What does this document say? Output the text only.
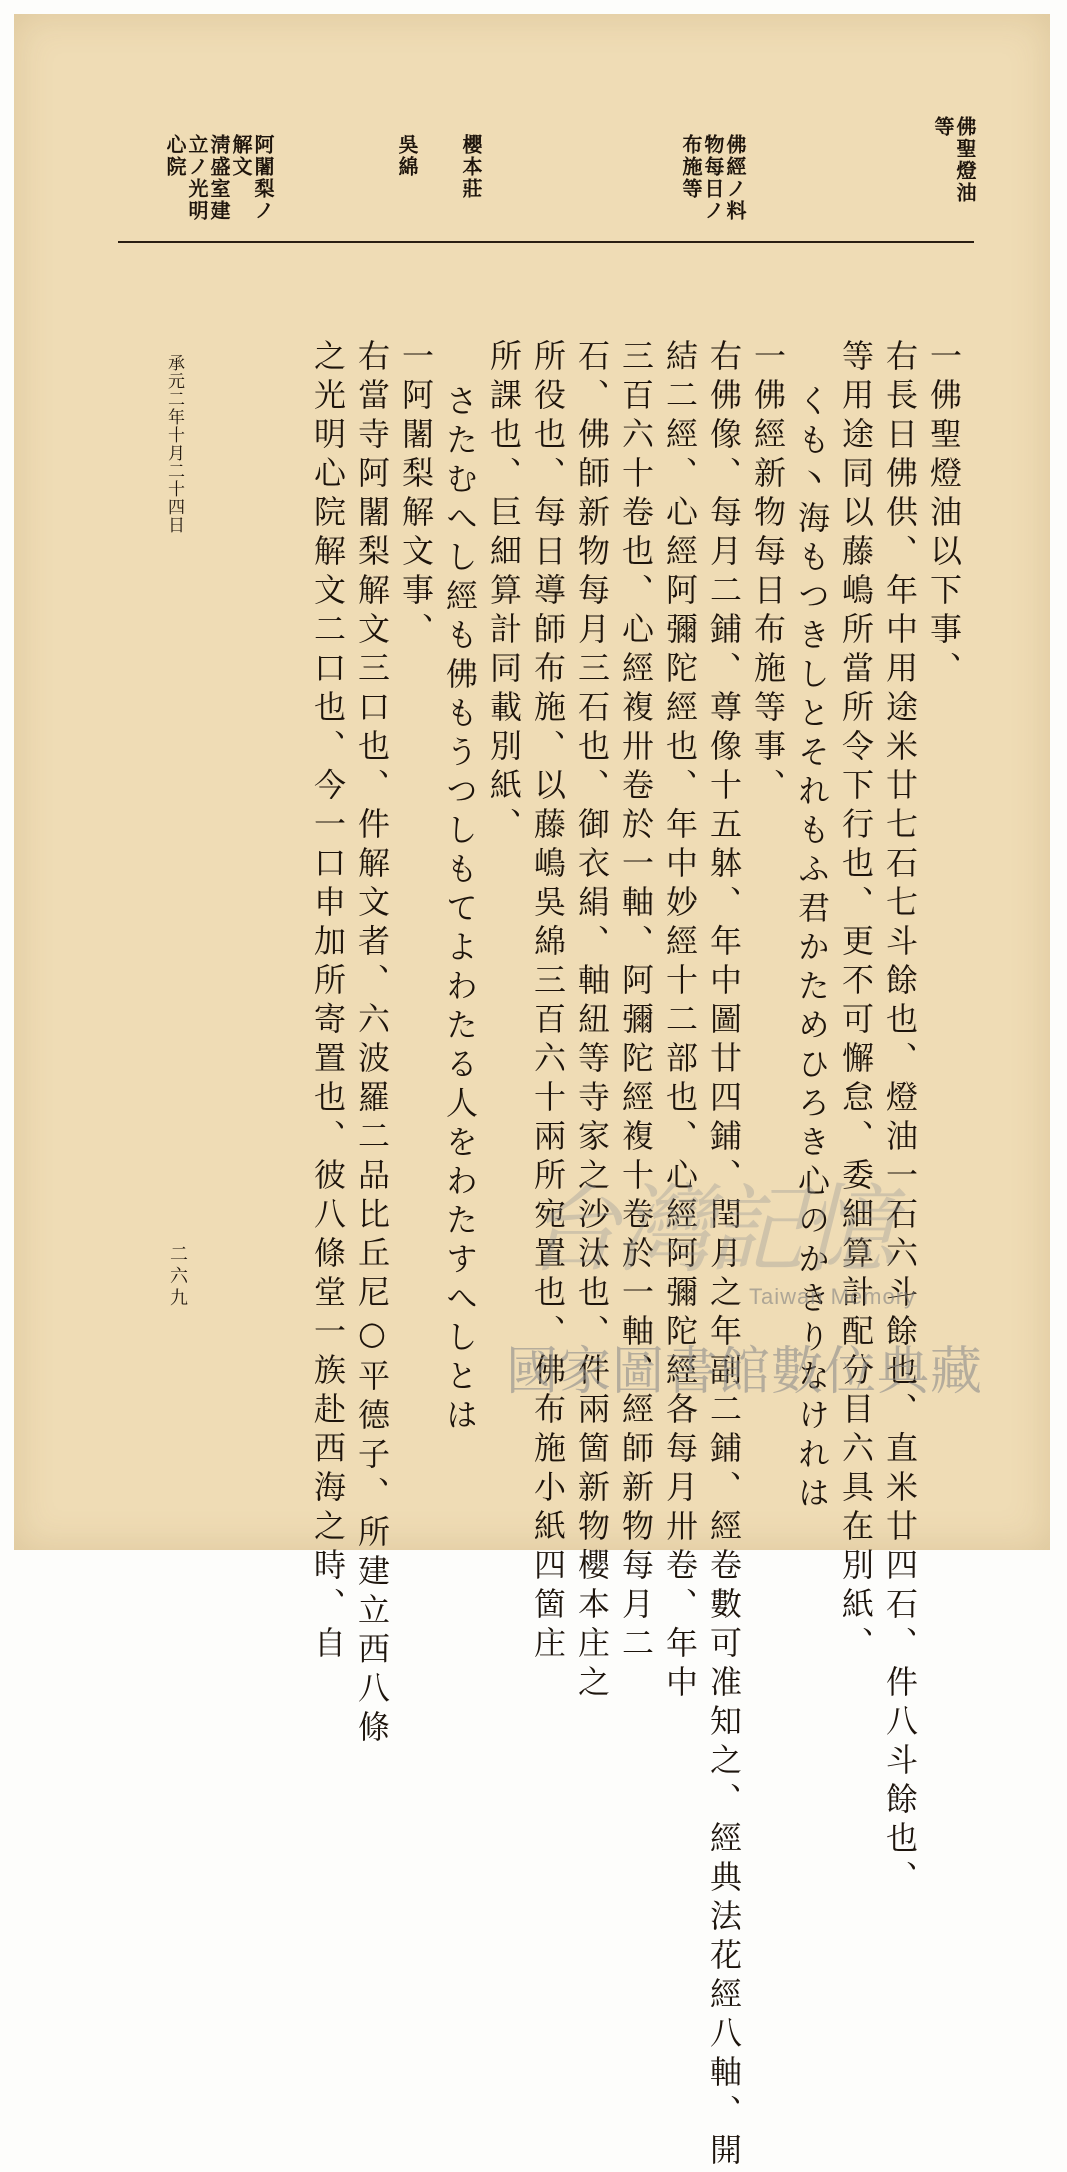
佛聖燈油
等
佛經ノ料
物每日ノ
布施等
櫻本莊
吳綿
阿闍梨ノ
解文
淸盛室建
立ノ光明
心院
一佛聖燈油以下事、
右長日佛供、年中用途米廿七石七斗餘也、燈油一石六斗餘也、直米廿四石、件八斗餘也、
等用途同以藤嶋所當所令下行也、更不可懈怠、委細算計配分目六具在別紙、
くも丶海もつきしとそれもふ君かためひろき心のかきりなけれは
一佛經新物每日布施等事、
右佛像、每月二鋪、尊像十五躰、年中圖廿四鋪、閏月之年副二鋪、經卷數可准知之、經典法花經八軸、開
結二經、心經阿彌陀經也、年中妙經十二部也、心經阿彌陀經各每月卅卷、年中
三百六十卷也、心經複卅卷於一軸、阿彌陀經複十卷於一軸、經師新物每月二
石、佛師新物每月三石也、御衣絹、軸紐等寺家之沙汰也、件兩箇新物櫻本庄之
所役也、每日導師布施、以藤嶋吳綿三百六十兩所宛置也、佛布施小紙四箇庄
所課也、巨細算計同載別紙、
さたむへし經も佛もうつしもてよわたる人をわたすへしとは
一阿闍梨解文事、
右當寺阿闍梨解文三口也、件解文者、六波羅二品比丘尼○平德子、所建立西八條
之光明心院解文二口也、今一口申加所寄置也、彼八條堂一族赴西海之時、自
承元二年十月二十四日
二六九	台灣記憶
Taiwan Memory
國家圖書館數位典藏
